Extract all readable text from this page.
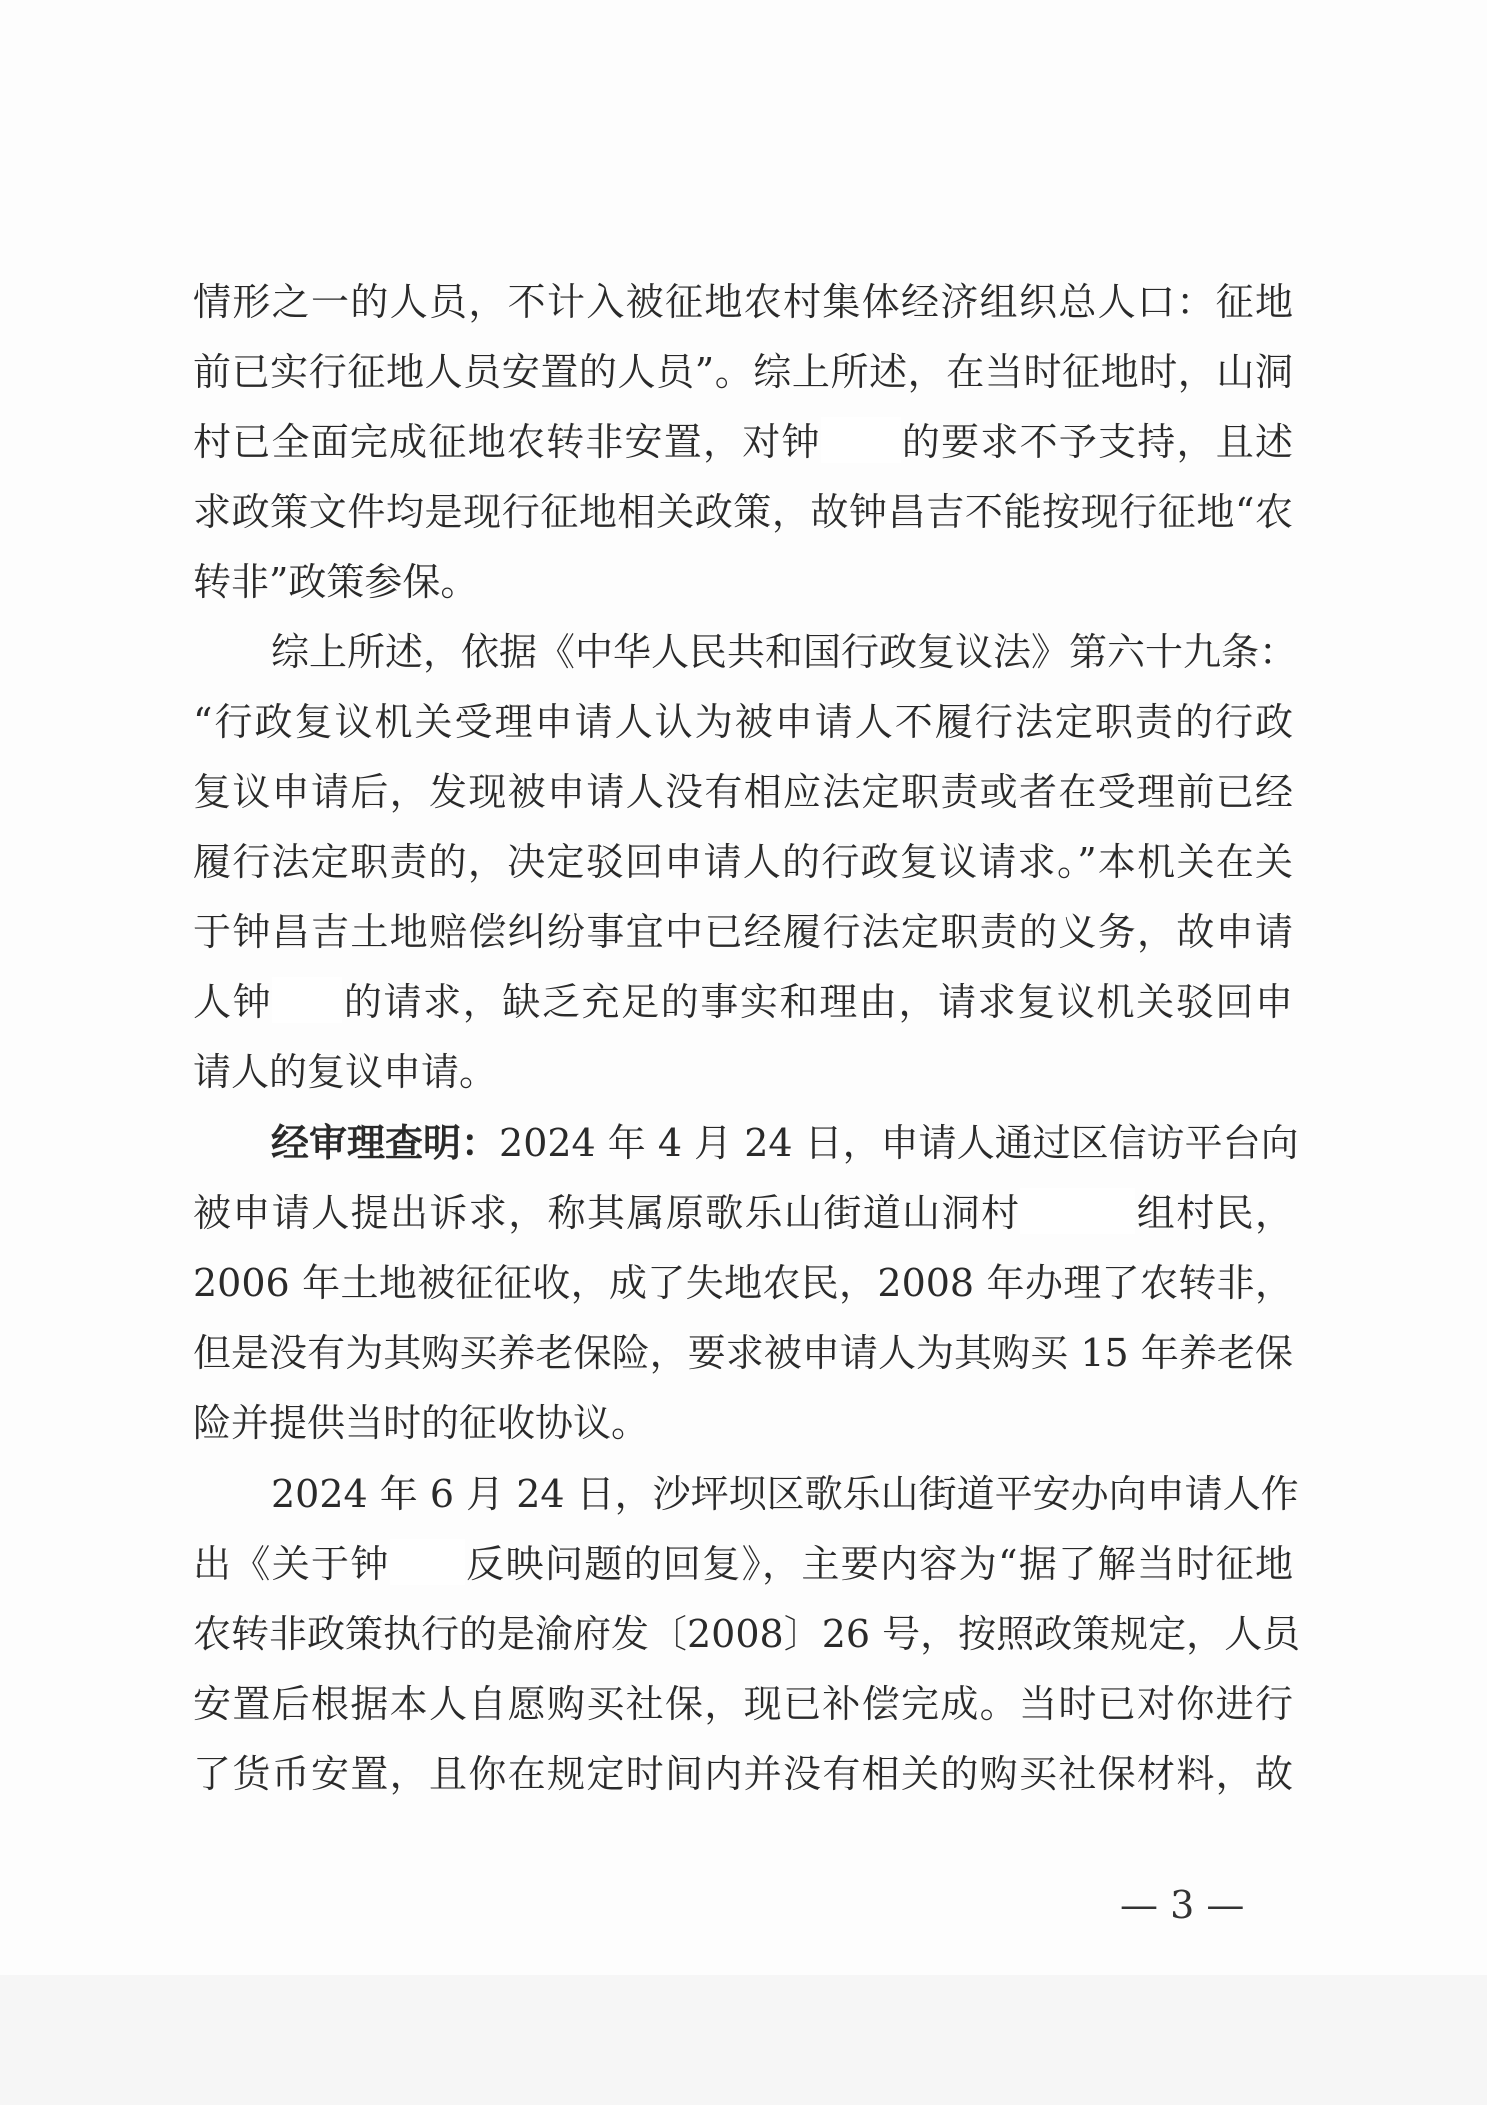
情形之一的人员，不计入被征地农村集体经济组织总人口：征地
前已实行征地人员安置的人员”。综上所述，在当时征地时，山洞
村已全面完成征地农转非安置，对钟 的要求不予支持，且述
求政策文件均是现行征地相关政策，故钟昌吉不能按现行征地“农
转非”政策参保。
综上所述，依据《中华人民共和国行政复议法》第六十九条：
“行政复议机关受理申请人认为被申请人不履行法定职责的行政
复议申请后，发现被申请人没有相应法定职责或者在受理前已经
履行法定职责的，决定驳回申请人的行政复议请求。”本机关在关
于钟昌吉土地赔偿纠纷事宜中已经履行法定职责的义务，故申请
人钟 的请求，缺乏充足的事实和理由，请求复议机关驳回申
请人的复议申请。
经审理查明：2024 年 4 月 24 日，申请人通过区信访平台向
被申请人提出诉求，称其属原歌乐山街道山洞村	组村民，
2006 年土地被征征收，成了失地农民，2008 年办理了农转非，
但是没有为其购买养老保险，要求被申请人为其购买 15 年养老保
险并提供当时的征收协议。
2024 年 6 月 24 日，沙坪坝区歌乐山街道平安办向申请人作
出《关于钟 反映问题的回复》，主要内容为“据了解当时征地
农转非政策执行的是渝府发〔2008〕26 号，按照政策规定，人员
安置后根据本人自愿购买社保，现已补偿完成。当时已对你进行
了货币安置，且你在规定时间内并没有相关的购买社保材料，故
— 3 —
